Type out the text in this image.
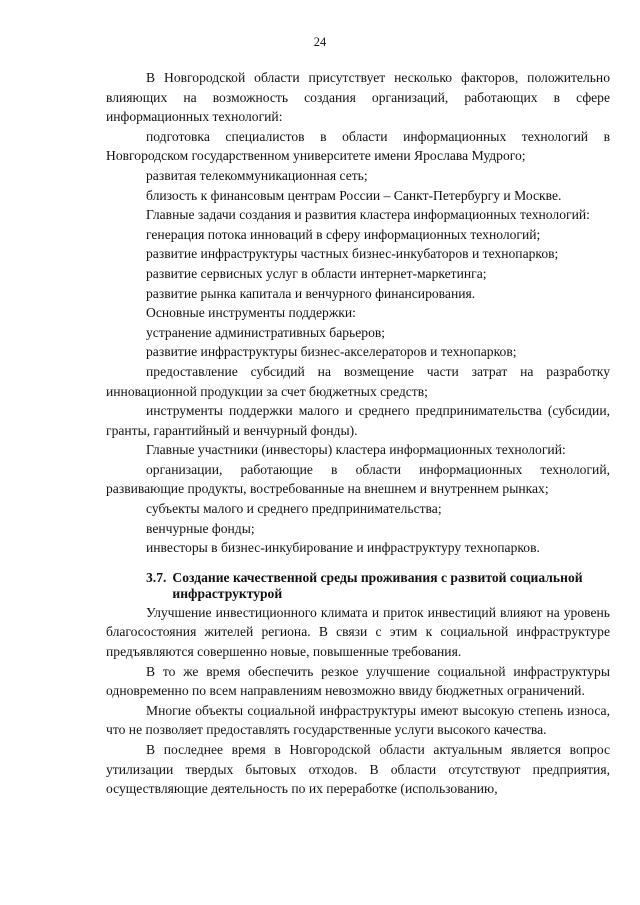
24

В Новгородской области присутствует несколько факторов, положительно влияющих на возможность создания организаций, работающих в сфере информационных технологий:

подготовка специалистов в области информационных технологий в Новгородском государственном университете имени Ярослава Мудрого;

развитая телекоммуникационная сеть;

близость к финансовым центрам России – Санкт-Петербургу и Москве.

Главные задачи создания и развития кластера информационных технологий:

генерация потока инноваций в сферу информационных технологий;

развитие инфраструктуры частных бизнес-инкубаторов и технопарков;

развитие сервисных услуг в области интернет-маркетинга;

развитие рынка капитала и венчурного финансирования.

Основные инструменты поддержки:

устранение административных барьеров;

развитие инфраструктуры бизнес-акселераторов и технопарков;

предоставление субсидий на возмещение части затрат на разработку инновационной продукции за счет бюджетных средств;

инструменты поддержки малого и среднего предпринимательства (субсидии, гранты, гарантийный и венчурный фонды).

Главные участники (инвесторы) кластера информационных технологий:

организации, работающие в области информационных технологий, развивающие продукты, востребованные на внешнем и внутреннем рынках;

субъекты малого и среднего предпринимательства;

венчурные фонды;

инвесторы в бизнес-инкубирование и инфраструктуру технопарков.

3.7. Создание качественной среды проживания с развитой социальной инфраструктурой

Улучшение инвестиционного климата и приток инвестиций влияют на уровень благосостояния жителей региона. В связи с этим к социальной инфраструктуре предъявляются совершенно новые, повышенные требования.

В то же время обеспечить резкое улучшение социальной инфраструктуры одновременно по всем направлениям невозможно ввиду бюджетных ограничений.

Многие объекты социальной инфраструктуры имеют высокую степень износа, что не позволяет предоставлять государственные услуги высокого качества.

В последнее время в Новгородской области актуальным является вопрос утилизации твердых бытовых отходов. В области отсутствуют предприятия, осуществляющие деятельность по их переработке (использованию,
